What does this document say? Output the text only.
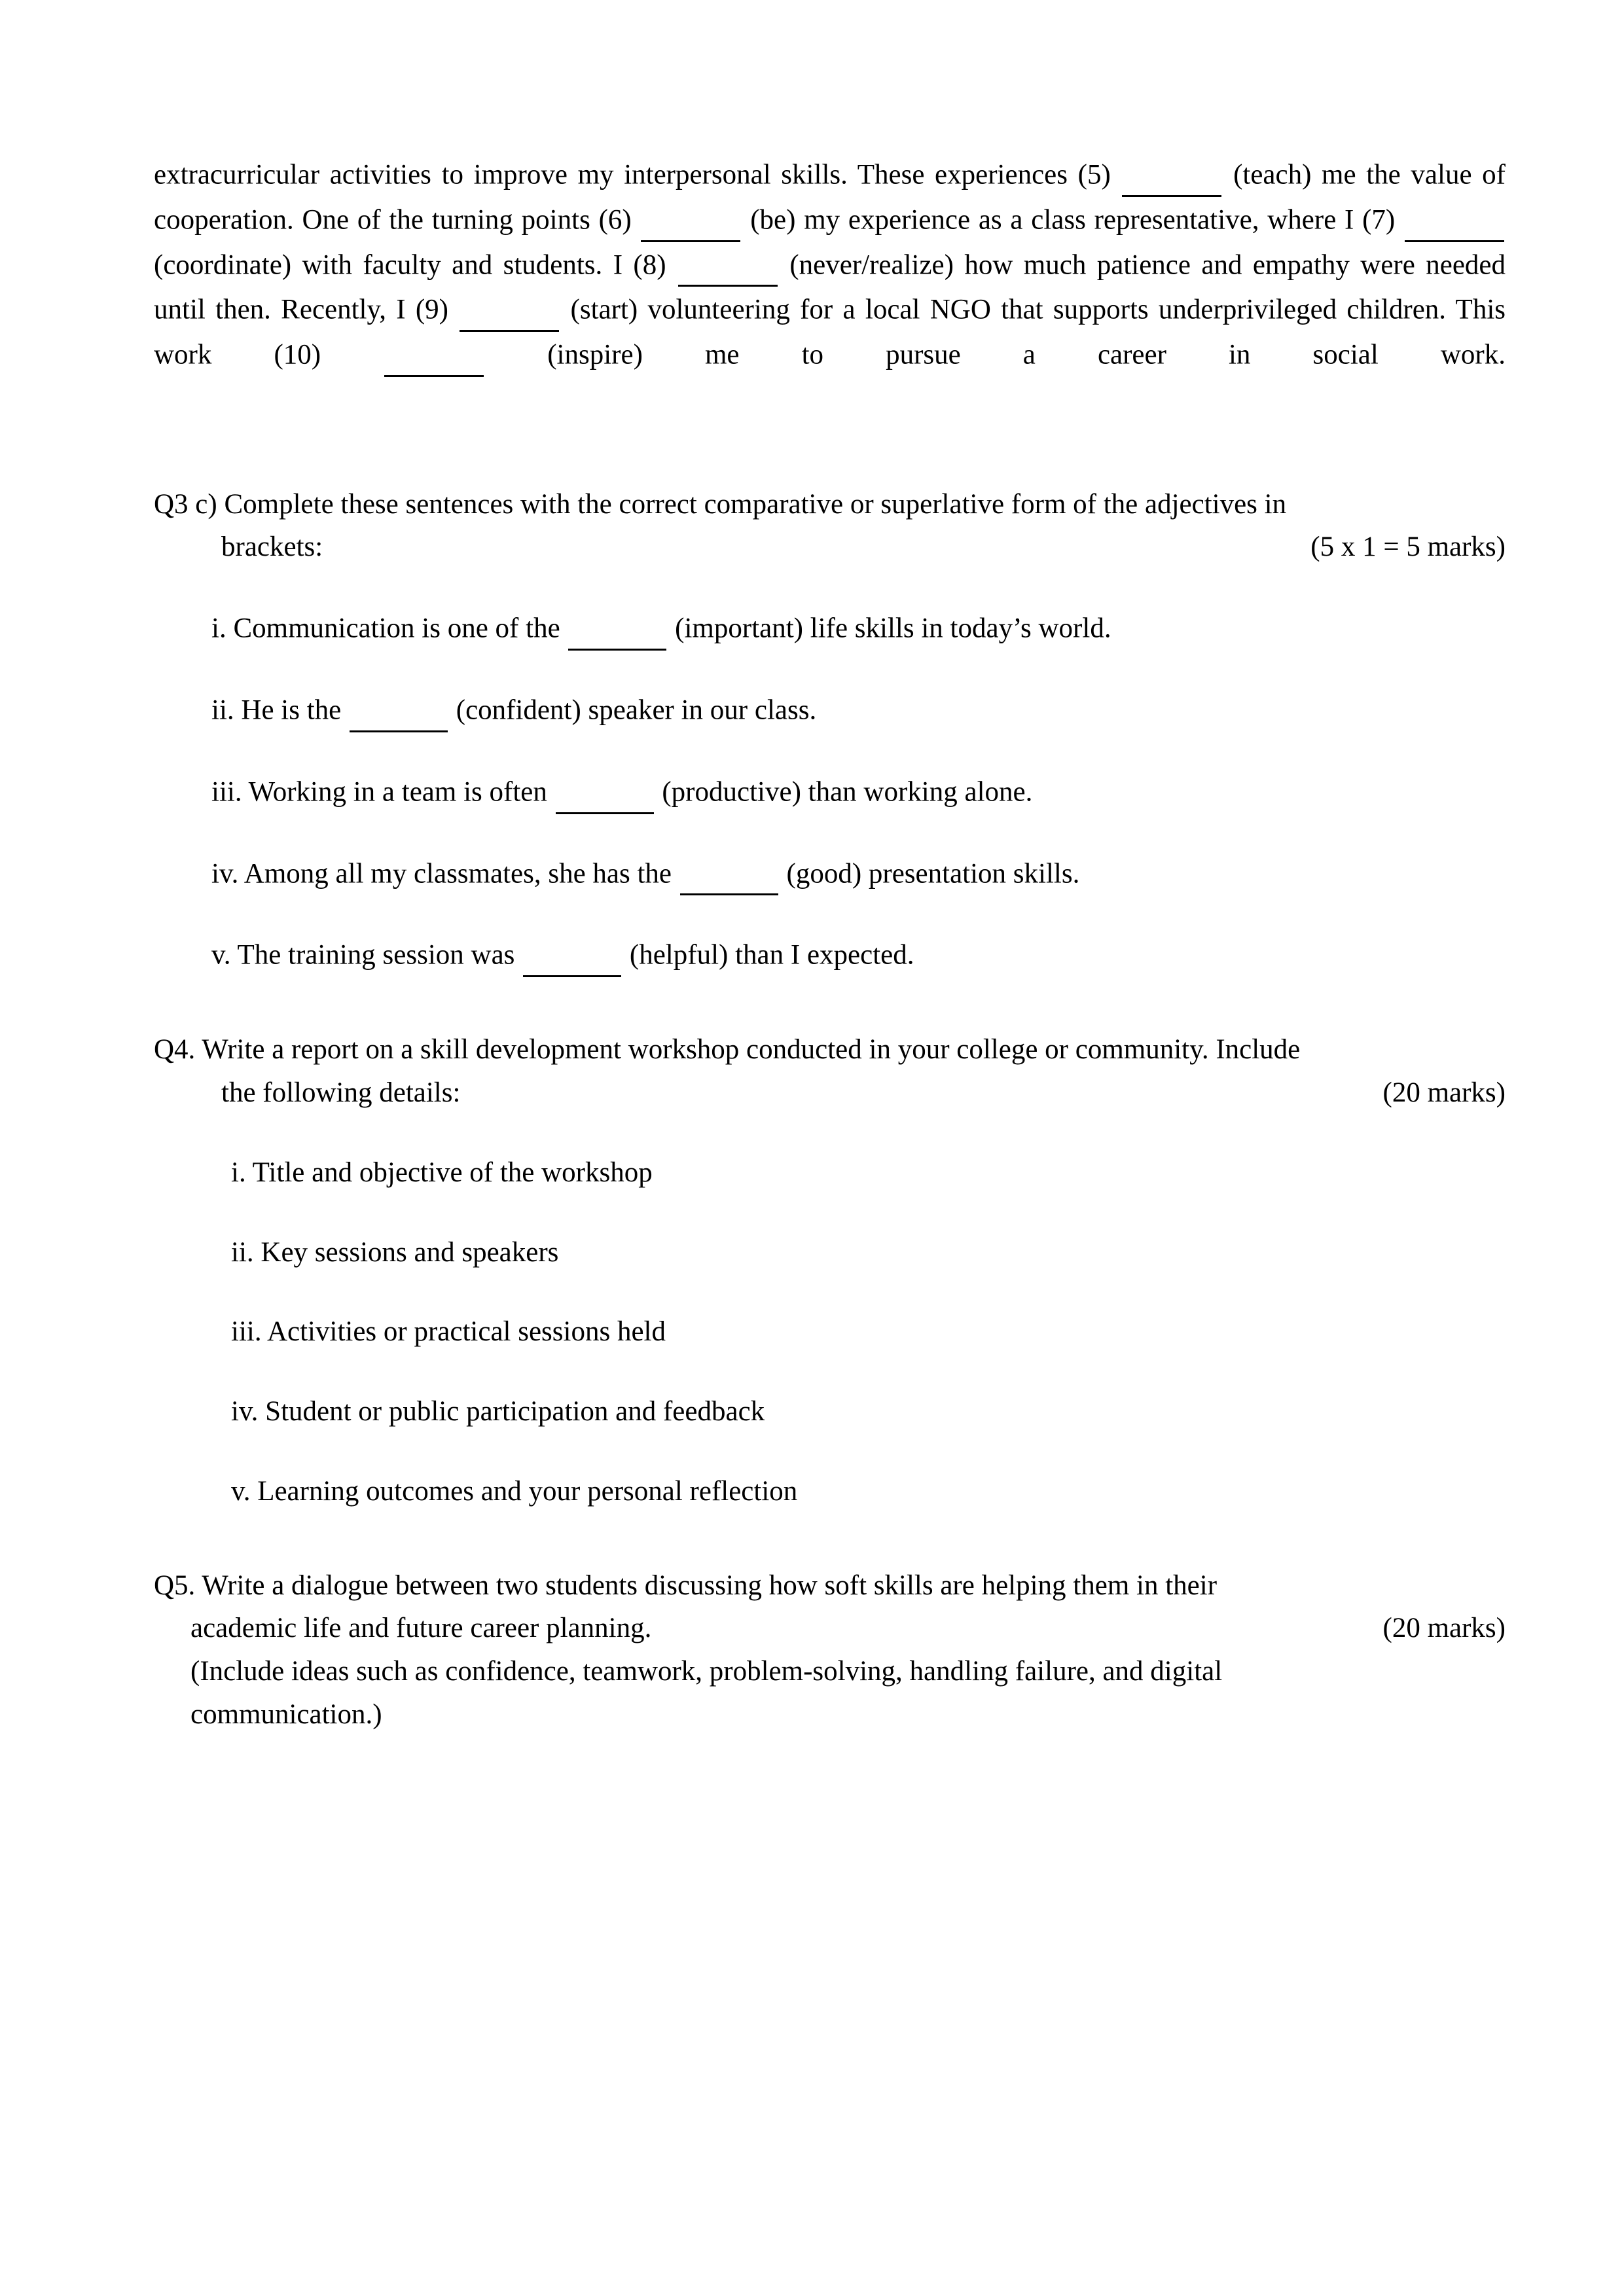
extracurricular activities to improve my interpersonal skills. These experiences (5)	(teach) me the value of cooperation. One of the turning points (6)	(be) my experience as a class representative, where I (7)   (coordinate) with faculty and students. I (8)	(never/realize) how much patience and empathy were needed until then. Recently, I (9)	(start) volunteering for a local NGO that supports underprivileged children. This work (10)	(inspire) me to pursue a career in social work.

Q3 c) Complete these sentences with the correct comparative or superlative form of the adjectives in
brackets:	(5 x 1 = 5 marks)
i. Communication is one of the	(important) life skills in today’s world.
ii. He is the	(confident) speaker in our class.
iii. Working in a team is often	(productive) than working alone.
iv. Among all my classmates, she has the	(good) presentation skills.
v. The training session was	(helpful) than I expected.
Q4. Write a report on a skill development workshop conducted in your college or community. Include
the following details:	(20 marks)
i. Title and objective of the workshop
ii. Key sessions and speakers
iii. Activities or practical sessions held
iv. Student or public participation and feedback
v. Learning outcomes and your personal reflection
Q5. Write a dialogue between two students discussing how soft skills are helping them in their
academic life and future career planning.	(20 marks)
(Include ideas such as confidence, teamwork, problem-solving, handling failure, and digital
communication.)
